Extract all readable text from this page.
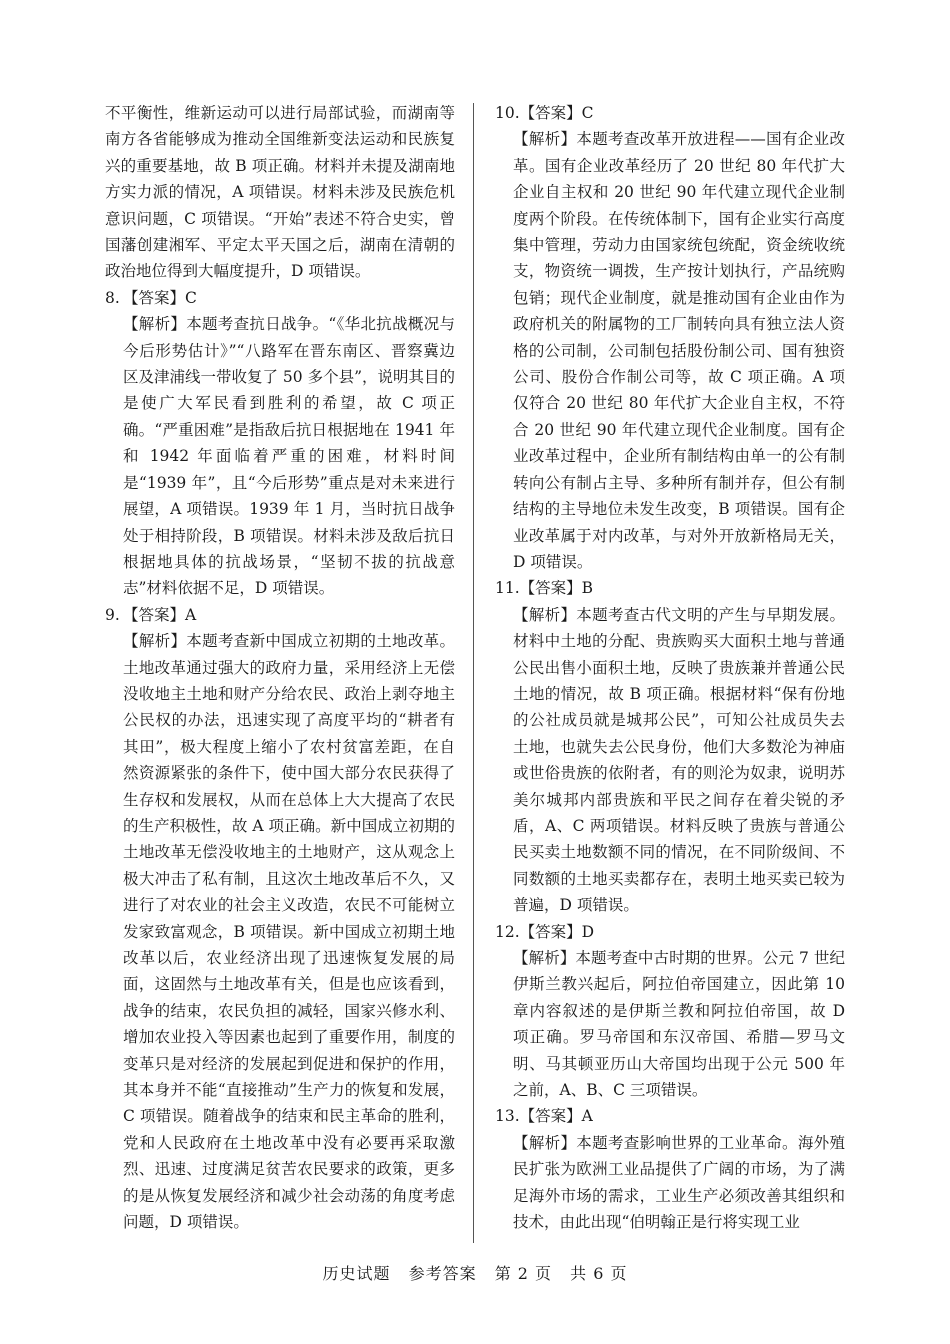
不平衡性，维新运动可以进行局部试验，而湖南等南方各省能够成为推动全国维新变法运动和民族复兴的重要基地，故 B 项正确。材料并未提及湖南地方实力派的情况，A 项错误。材料未涉及民族危机意识问题，C 项错误。“开始”表述不符合史实，曾国藩创建湘军、平定太平天国之后，湖南在清朝的政治地位得到大幅度提升，D 项错误。

8. 【答案】C

【解析】本题考查抗日战争。“《华北抗战概况与今后形势估计》”“八路军在晋东南区、晋察冀边区及津浦线一带收复了 50 多个县”，说明其目的是使广大军民看到胜利的希望，故 C 项正确。“严重困难”是指敌后抗日根据地在 1941 年和 1942 年面临着严重的困难，材料时间是“1939 年”，且“今后形势”重点是对未来进行展望，A 项错误。1939 年 1 月，当时抗日战争处于相持阶段，B 项错误。材料未涉及敌后抗日根据地具体的抗战场景，“坚韧不拔的抗战意志”材料依据不足，D 项错误。

9. 【答案】A

【解析】本题考查新中国成立初期的土地改革。土地改革通过强大的政府力量，采用经济上无偿没收地主土地和财产分给农民、政治上剥夺地主公民权的办法，迅速实现了高度平均的“耕者有其田”，极大程度上缩小了农村贫富差距，在自然资源紧张的条件下，使中国大部分农民获得了生存权和发展权，从而在总体上大大提高了农民的生产积极性，故 A 项正确。新中国成立初期的土地改革无偿没收地主的土地财产，这从观念上极大冲击了私有制，且这次土地改革后不久，又进行了对农业的社会主义改造，农民不可能树立发家致富观念，B 项错误。新中国成立初期土地改革以后，农业经济出现了迅速恢复发展的局面，这固然与土地改革有关，但是也应该看到，战争的结束，农民负担的减轻，国家兴修水利、增加农业投入等因素也起到了重要作用，制度的变革只是对经济的发展起到促进和保护的作用，其本身并不能“直接推动”生产力的恢复和发展，C 项错误。随着战争的结束和民主革命的胜利，党和人民政府在土地改革中没有必要再采取激烈、迅速、过度满足贫苦农民要求的政策，更多的是从恢复发展经济和减少社会动荡的角度考虑问题，D 项错误。

10.【答案】C

【解析】本题考查改革开放进程——国有企业改革。国有企业改革经历了 20 世纪 80 年代扩大企业自主权和 20 世纪 90 年代建立现代企业制度两个阶段。在传统体制下，国有企业实行高度集中管理，劳动力由国家统包统配，资金统收统支，物资统一调拨，生产按计划执行，产品统购包销；现代企业制度，就是推动国有企业由作为政府机关的附属物的工厂制转向具有独立法人资格的公司制，公司制包括股份制公司、国有独资公司、股份合作制公司等，故 C 项正确。A 项仅符合 20 世纪 80 年代扩大企业自主权，不符合 20 世纪 90 年代建立现代企业制度。国有企业改革过程中，企业所有制结构由单一的公有制转向公有制占主导、多种所有制并存，但公有制结构的主导地位未发生改变，B 项错误。国有企业改革属于对内改革，与对外开放新格局无关，D 项错误。

11.【答案】B

【解析】本题考查古代文明的产生与早期发展。材料中土地的分配、贵族购买大面积土地与普通公民出售小面积土地，反映了贵族兼并普通公民土地的情况，故 B 项正确。根据材料“保有份地的公社成员就是城邦公民”，可知公社成员失去土地，也就失去公民身份，他们大多数沦为神庙或世俗贵族的依附者，有的则沦为奴隶，说明苏美尔城邦内部贵族和平民之间存在着尖锐的矛盾，A、C 两项错误。材料反映了贵族与普通公民买卖土地数额不同的情况，在不同阶级间、不同数额的土地买卖都存在，表明土地买卖已较为普遍，D 项错误。

12.【答案】D

【解析】本题考查中古时期的世界。公元 7 世纪伊斯兰教兴起后，阿拉伯帝国建立，因此第 10 章内容叙述的是伊斯兰教和阿拉伯帝国，故 D 项正确。罗马帝国和东汉帝国、希腊—罗马文明、马其顿亚历山大帝国均出现于公元 500 年之前，A、B、C 三项错误。

13.【答案】A

【解析】本题考查影响世界的工业革命。海外殖民扩张为欧洲工业品提供了广阔的市场，为了满足海外市场的需求，工业生产必须改善其组织和技术，由此出现“伯明翰正是行将实现工业

历史试题 参考答案 第 2 页 共 6 页
